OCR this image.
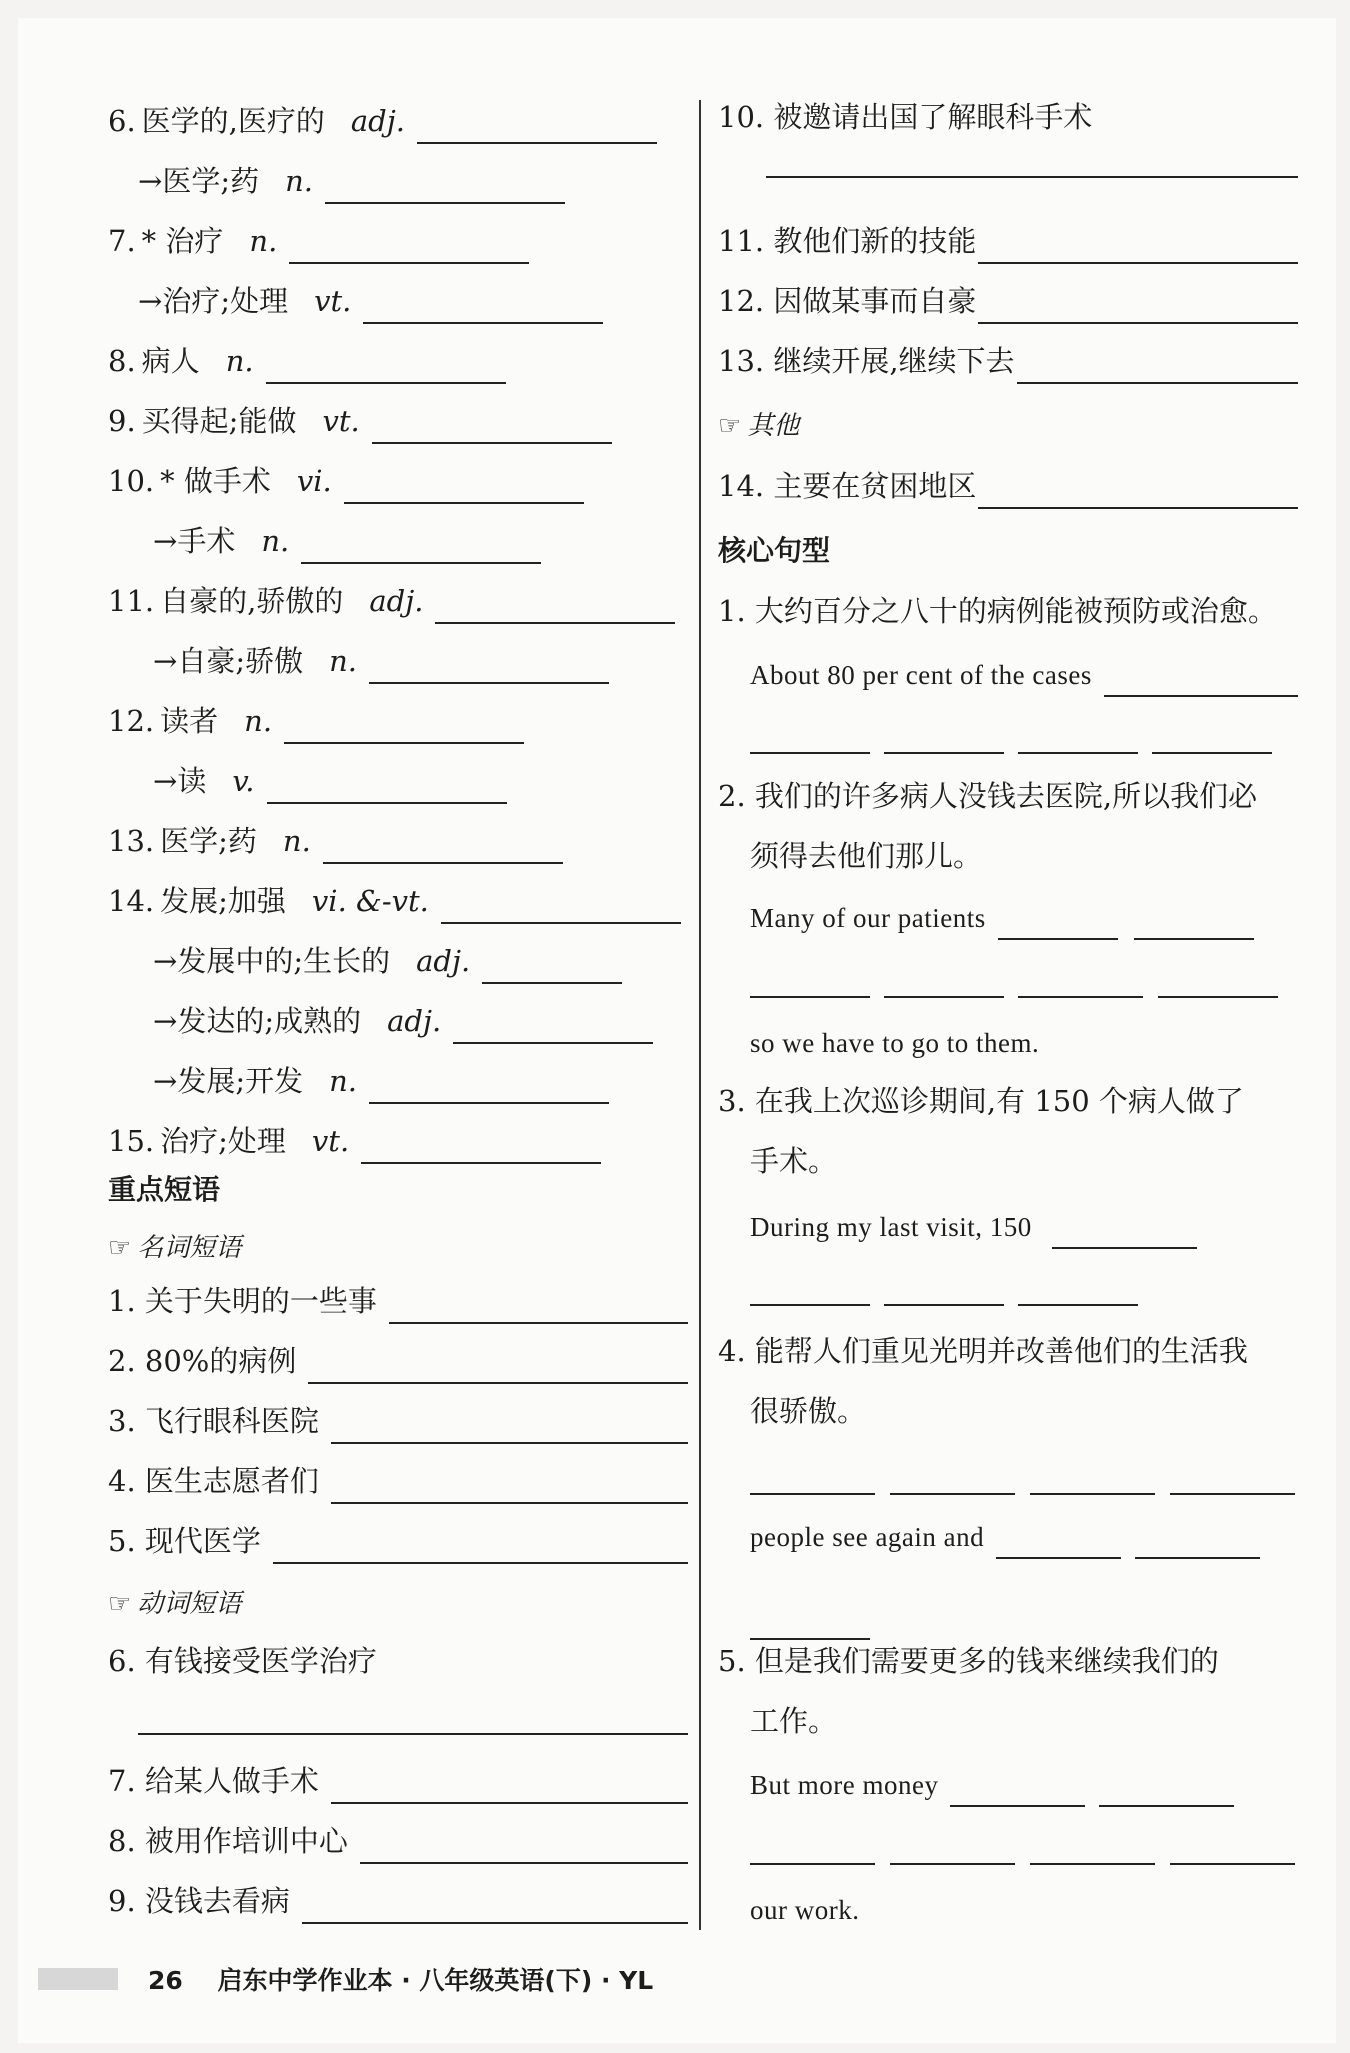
6. 医学的,医疗的 adj.
→ 医学;药 n.
7. * 治疗 n.
→ 治疗;处理 vt.
8. 病人 n.
9. 买得起;能做 vt.
10. * 做手术 vi.
→ 手术 n.
11. 自豪的,骄傲的 adj.
→ 自豪;骄傲 n.
12. 读者 n.
→ 读 v.
13. 医学;药 n.
14. 发展;加强 vi. &-vt.
→ 发展中的;生长的 adj.
→ 发达的;成熟的 adj.
→ 发展;开发 n.
15. 治疗;处理 vt.
重点短语
☞ 名词短语
1. 关于失明的一些事
2. 80%的病例
3. 飞行眼科医院
4. 医生志愿者们
5. 现代医学
☞ 动词短语
6. 有钱接受医学治疗
7. 给某人做手术
8. 被用作培训中心
9. 没钱去看病
10. 被邀请出国了解眼科手术
11. 教他们新的技能
12. 因做某事而自豪
13. 继续开展,继续下去
☞ 其他
14. 主要在贫困地区
核心句型
1. 大约百分之八十的病例能被预防或治愈。
About 80 per cent of the cases
2. 我们的许多病人没钱去医院,所以我们必
须得去他们那儿。
Many of our patients
so we have to go to them.
3. 在我上次巡诊期间,有 150 个病人做了
手术。
During my last visit, 150
4. 能帮人们重见光明并改善他们的生活我
很骄傲。
people see again and
5. 但是我们需要更多的钱来继续我们的
工作。
But more money
our work.
26 启东中学作业本 · 八年级英语(下) · YL
